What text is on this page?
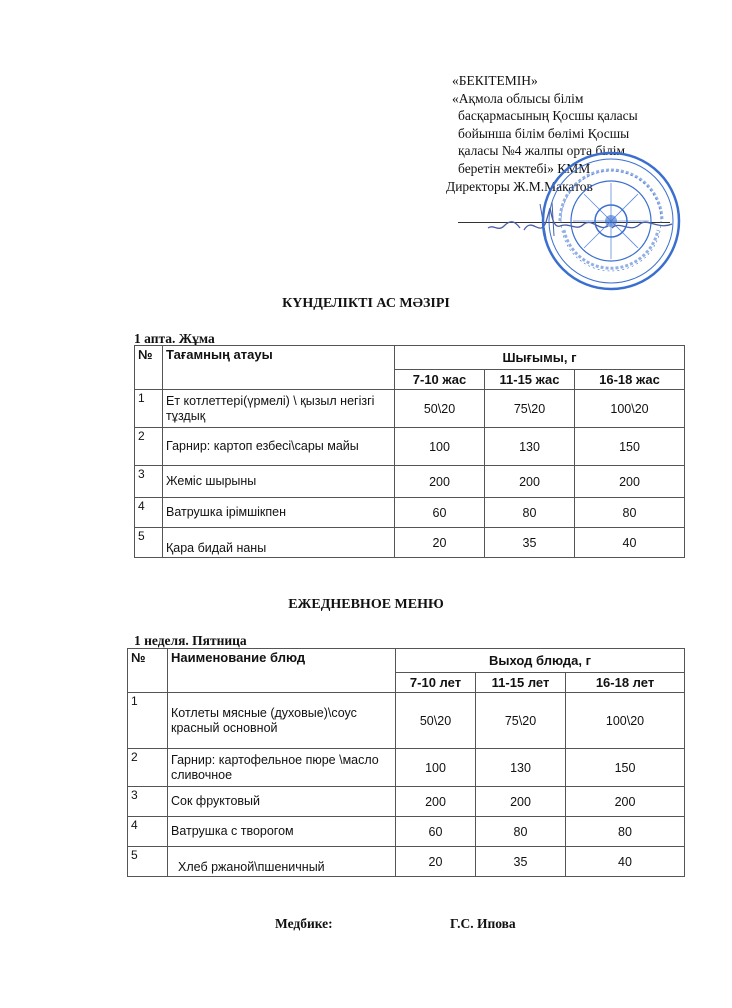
«БЕКІТЕМІН»
«Ақмола облысы білім
басқармасының Қосшы қаласы
бойынша білім бөлімі Қосшы
қаласы №4 жалпы орта білім
беретін мектебі» КММ
Директоры Ж.М.Макатов
КҮНДЕЛІКТІ АС МӘЗІРІ
1 апта. Жұма
№	Тағамның атауы	Шығымы, г		
		7-10 жас	11-15 жас	16-18 жас
1	Ет котлеттері(үрмелі) \ қызыл негізгі тұздық	50\20	75\20	100\20
2	Гарнир: картоп езбесі\сары майы	100	130	150
3	Жеміс шырыны	200	200	200
4	Ватрушка ірімшікпен	60	80	80
5	Қара бидай наны	20	35	40
ЕЖЕДНЕВНОЕ МЕНЮ
1 неделя. Пятница
№	Наименование блюд	Выход блюда, г		
		7-10 лет	11-15 лет	16-18 лет
1	Котлеты мясные (духовые)\соус красный основной	50\20	75\20	100\20
2	Гарнир: картофельное пюре \масло сливочное	100	130	150
3	Сок фруктовый	200	200	200
4	Ватрушка с творогом	60	80	80
5	Хлеб ржаной\пшеничный	20	35	40
Медбике:	Г.С. Ипова
